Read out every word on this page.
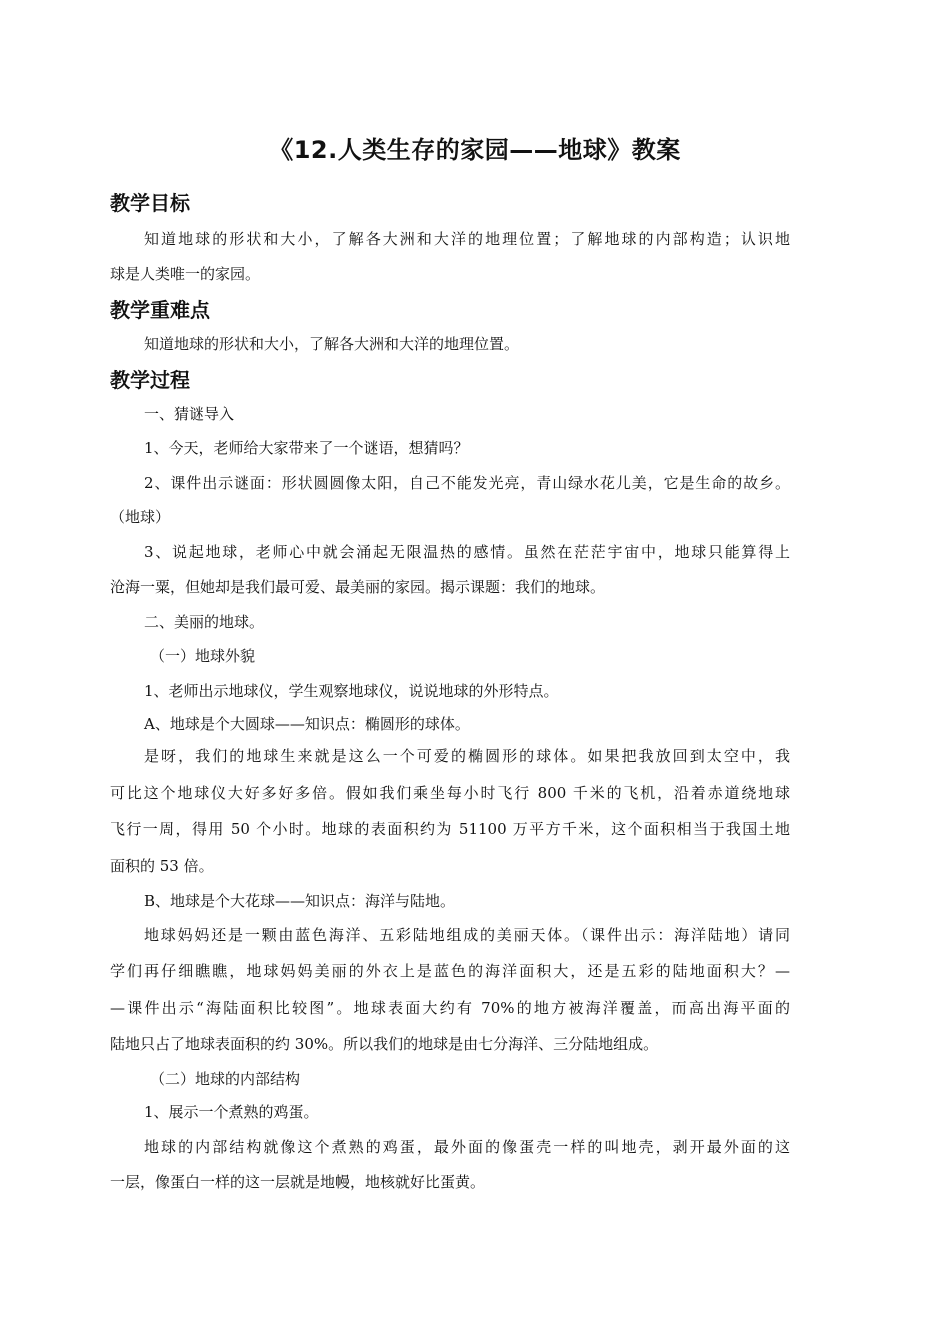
《12.人类生存的家园——地球》教案
教学目标

知道地球的形状和大小，了解各大洲和大洋的地理位置；了解地球的内部构造；认识地

球是人类唯一的家园。

教学重难点

知道地球的形状和大小，了解各大洲和大洋的地理位置。

教学过程

一、猜谜导入

1、今天，老师给大家带来了一个谜语，想猜吗？

2、课件出示谜面：形状圆圆像太阳，自己不能发光亮，青山绿水花儿美，它是生命的故乡。

（地球）

3、说起地球，老师心中就会涌起无限温热的感情。虽然在茫茫宇宙中，地球只能算得上

沧海一粟，但她却是我们最可爱、最美丽的家园。揭示课题：我们的地球。

二、美丽的地球。

（一）地球外貌

1、老师出示地球仪，学生观察地球仪，说说地球的外形特点。

A、地球是个大圆球——知识点：椭圆形的球体。

是呀，我们的地球生来就是这么一个可爱的椭圆形的球体。如果把我放回到太空中，我

可比这个地球仪大好多好多倍。假如我们乘坐每小时飞行 800 千米的飞机，沿着赤道绕地球

飞行一周，得用 50 个小时。地球的表面积约为 51100 万平方千米，这个面积相当于我国土地

面积的 53 倍。

B、地球是个大花球——知识点：海洋与陆地。

地球妈妈还是一颗由蓝色海洋、五彩陆地组成的美丽天体。（课件出示：海洋陆地）请同

学们再仔细瞧瞧，地球妈妈美丽的外衣上是蓝色的海洋面积大，还是五彩的陆地面积大？—

—课件出示“海陆面积比较图”。地球表面大约有 70%的地方被海洋覆盖，而高出海平面的

陆地只占了地球表面积的约 30%。所以我们的地球是由七分海洋、三分陆地组成。

（二）地球的内部结构

1、展示一个煮熟的鸡蛋。

地球的内部结构就像这个煮熟的鸡蛋，最外面的像蛋壳一样的叫地壳，剥开最外面的这

一层，像蛋白一样的这一层就是地幔，地核就好比蛋黄。
